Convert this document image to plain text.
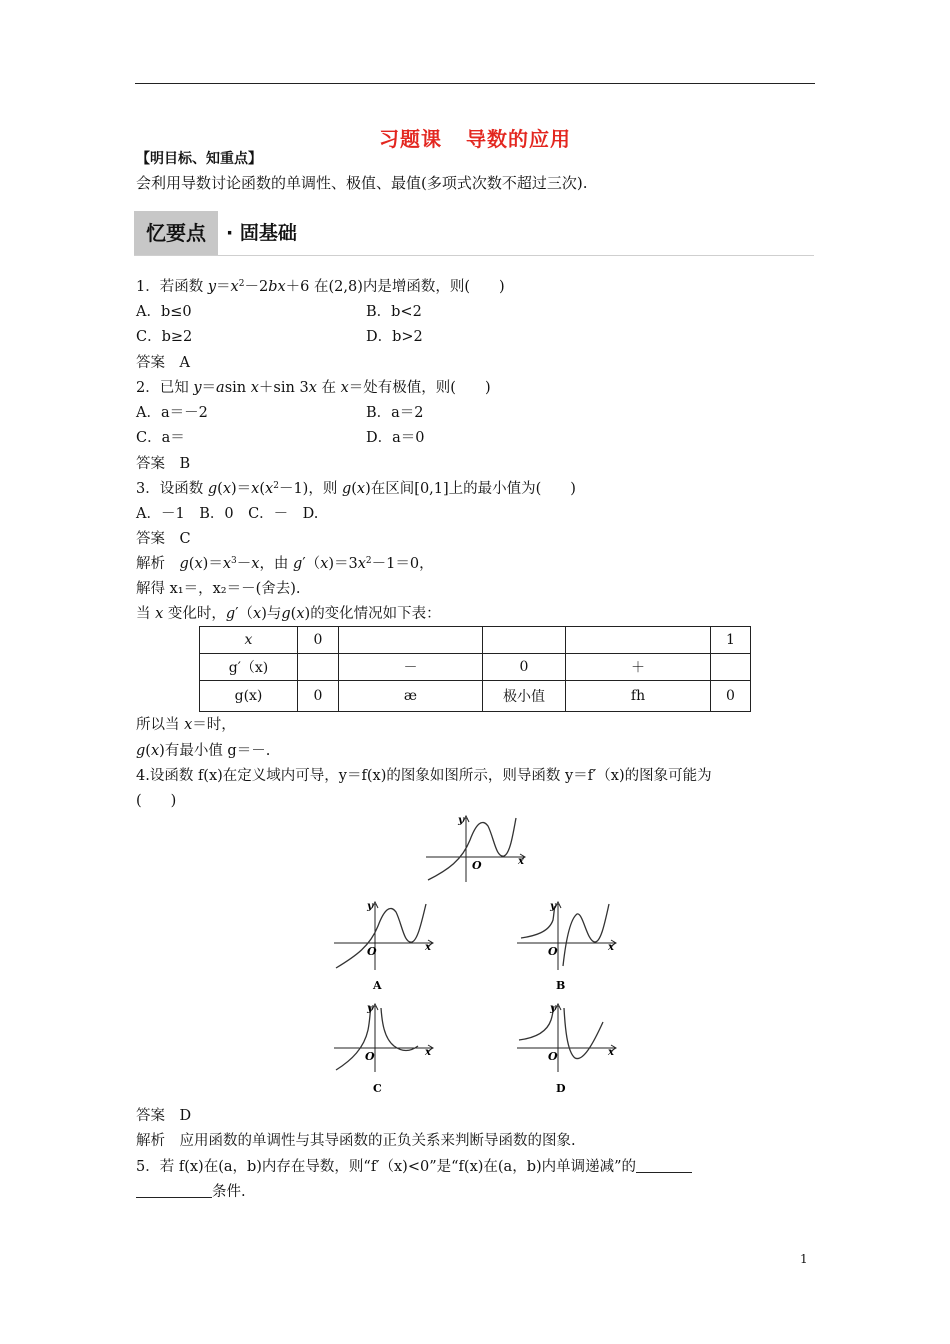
习题课 导数的应用
【明目标、知重点】
会利用导数讨论函数的单调性、极值、最值(多项式次数不超过三次).
忆要点	· 固基础
1．若函数 $y=x^2-2bx+6$ 在(2,8)内是增函数，则(　　)
A．b≤0	B．b<2
C．b≥2	D．b>2
答案　A
2．已知 y＝asin x＋sin 3x 在 x＝处有极值，则(　　)
A．a＝－2	B．a＝2
C．a＝	D．a＝0
答案　B
3．设函数 $g(x)=x(x^2-1)$，则 g(x)在区间[0,1]上的最小值为(　　)
A．－1　B．0　C．－　D.
答案　C
解析　 $g(x)=x^3-x$，由 $g'(x)=3x^2-1=0$，
解得 x₁＝，x₂＝－(舍去).
当 x 变化时，g′（x)与g(x)的变化情况如下表：
x	0				1
g′（x)		－	0	＋	
g(x)	0	æ	极小值	fh	0
所以当 x＝时，
g(x)有最小值 g＝－.
4.设函数 f(x)在定义域内可导，y＝f(x)的图象如图所示，则导函数 y＝f′（x)的图象可能为
(　　)
O	x
y
O	x
y
A
O	x
y
B
O	x
y
C
O	x
y
D
答案　D
解析　应用函数的单调性与其导函数的正负关系来判断导函数的图象.
5．若 f(x)在(a，b)内存在导数，则“f′（x)<0”是“f(x)在(a，b)内单调递减”的
条件.
1
